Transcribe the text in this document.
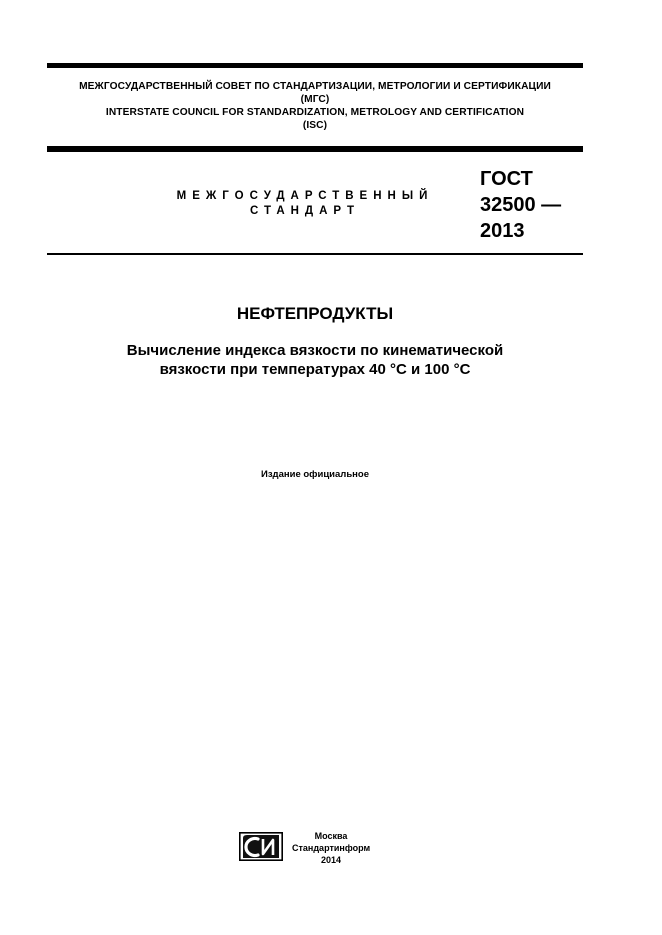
МЕЖГОСУДАРСТВЕННЫЙ СОВЕТ ПО СТАНДАРТИЗАЦИИ, МЕТРОЛОГИИ И СЕРТИФИКАЦИИ
(МГС)
INTERSTATE COUNCIL FOR STANDARDIZATION, METROLOGY AND CERTIFICATION
(ISC)
МЕЖГОСУДАРСТВЕННЫЙ
СТАНДАРТ
ГОСТ
32500 —
2013
НЕФТЕПРОДУКТЫ
Вычисление индекса вязкости по кинематической
вязкости при температурах 40 °С и 100 °С
Издание официальное
Москва
Стандартинформ
2014
